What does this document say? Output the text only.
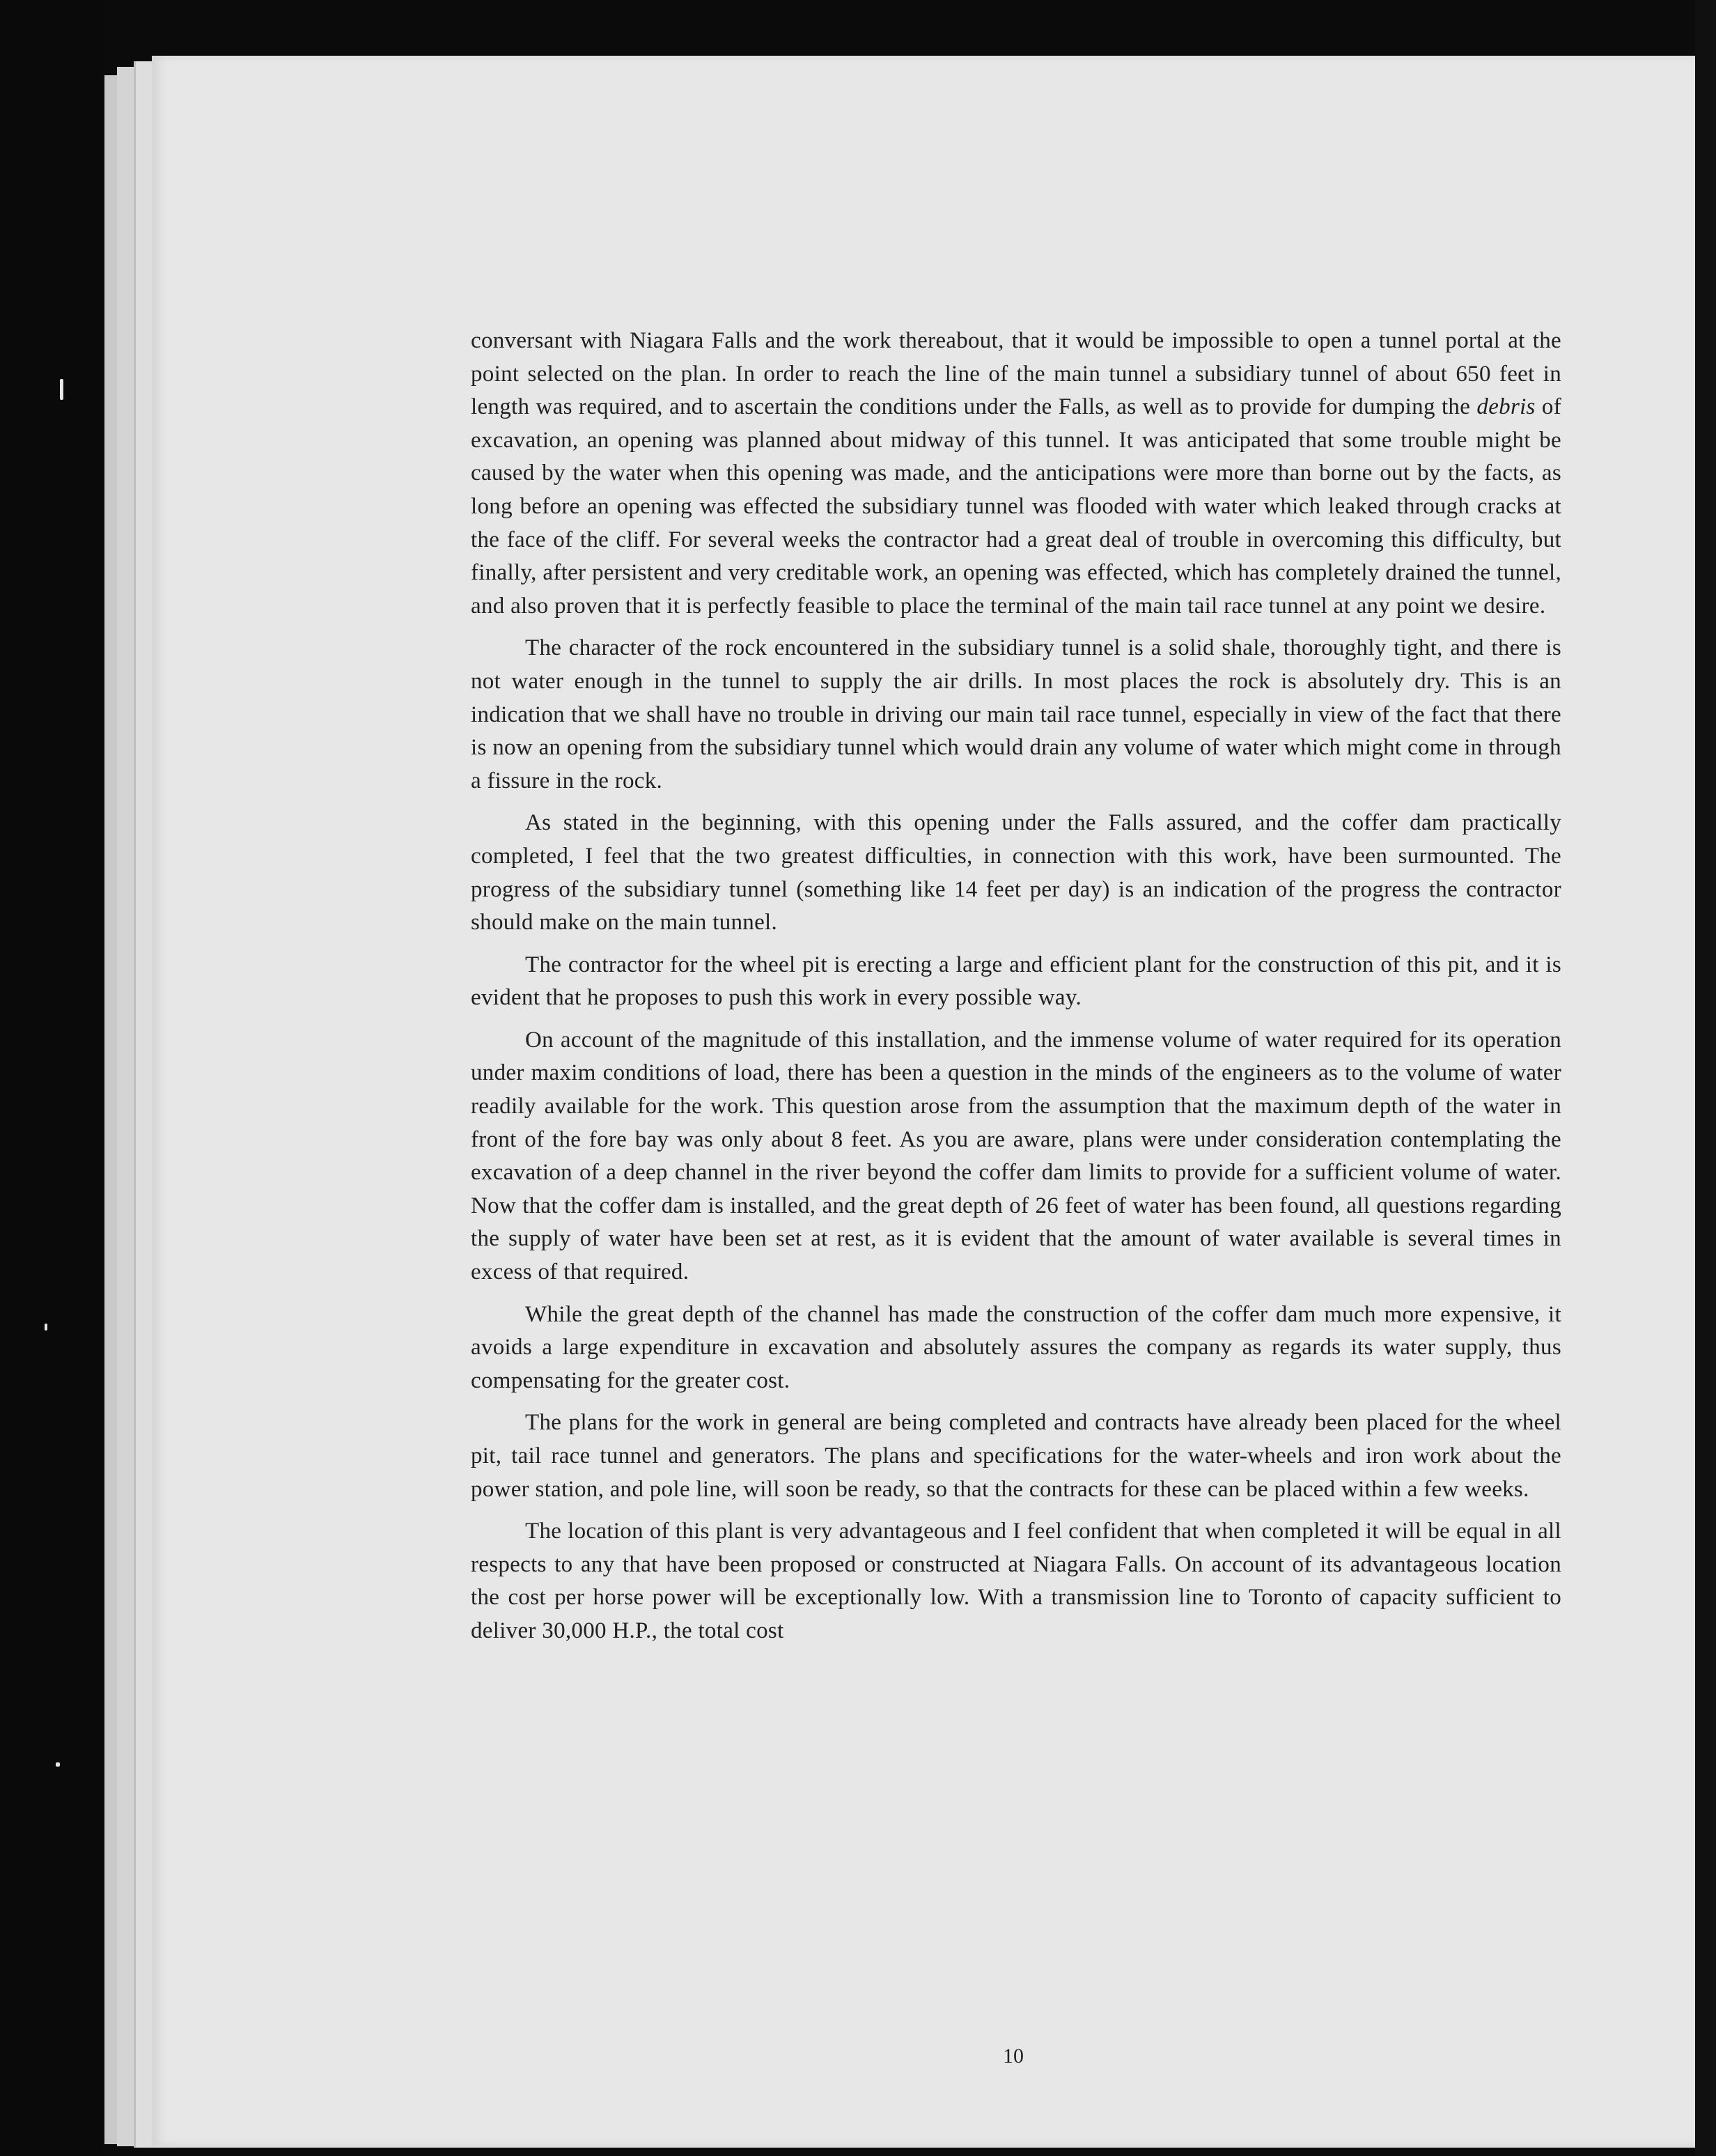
conversant with Niagara Falls and the work thereabout, that it would be impossible to open a tunnel portal at the point selected on the plan. In order to reach the line of the main tunnel a subsidiary tunnel of about 650 feet in length was required, and to ascertain the conditions under the Falls, as well as to provide for dumping the debris of excavation, an opening was planned about midway of this tunnel. It was anticipated that some trouble might be caused by the water when this opening was made, and the anticipations were more than borne out by the facts, as long before an opening was effected the subsidiary tunnel was flooded with water which leaked through cracks at the face of the cliff. For several weeks the contractor had a great deal of trouble in overcoming this difficulty, but finally, after persistent and very creditable work, an opening was effected, which has completely drained the tunnel, and also proven that it is perfectly feasible to place the terminal of the main tail race tunnel at any point we desire.

The character of the rock encountered in the subsidiary tunnel is a solid shale, thoroughly tight, and there is not water enough in the tunnel to supply the air drills. In most places the rock is absolutely dry. This is an indication that we shall have no trouble in driving our main tail race tunnel, especially in view of the fact that there is now an opening from the subsidiary tunnel which would drain any volume of water which might come in through a fissure in the rock.

As stated in the beginning, with this opening under the Falls assured, and the coffer dam practically completed, I feel that the two greatest difficulties, in connection with this work, have been surmounted. The progress of the subsidiary tunnel (something like 14 feet per day) is an indication of the progress the contractor should make on the main tunnel.

The contractor for the wheel pit is erecting a large and efficient plant for the construction of this pit, and it is evident that he proposes to push this work in every possible way.

On account of the magnitude of this installation, and the immense volume of water required for its operation under maxim conditions of load, there has been a question in the minds of the engineers as to the volume of water readily available for the work. This question arose from the assumption that the maximum depth of the water in front of the fore bay was only about 8 feet. As you are aware, plans were under consideration contemplating the excavation of a deep channel in the river beyond the coffer dam limits to provide for a sufficient volume of water. Now that the coffer dam is installed, and the great depth of 26 feet of water has been found, all questions regarding the supply of water have been set at rest, as it is evident that the amount of water available is several times in excess of that required.

While the great depth of the channel has made the construction of the coffer dam much more expensive, it avoids a large expenditure in excavation and absolutely assures the company as regards its water supply, thus compensating for the greater cost.

The plans for the work in general are being completed and contracts have already been placed for the wheel pit, tail race tunnel and generators. The plans and specifications for the water-wheels and iron work about the power station, and pole line, will soon be ready, so that the contracts for these can be placed within a few weeks.

The location of this plant is very advantageous and I feel confident that when completed it will be equal in all respects to any that have been proposed or constructed at Niagara Falls. On account of its advantageous location the cost per horse power will be exceptionally low. With a transmission line to Toronto of capacity sufficient to deliver 30,000 H.P., the total cost

10
